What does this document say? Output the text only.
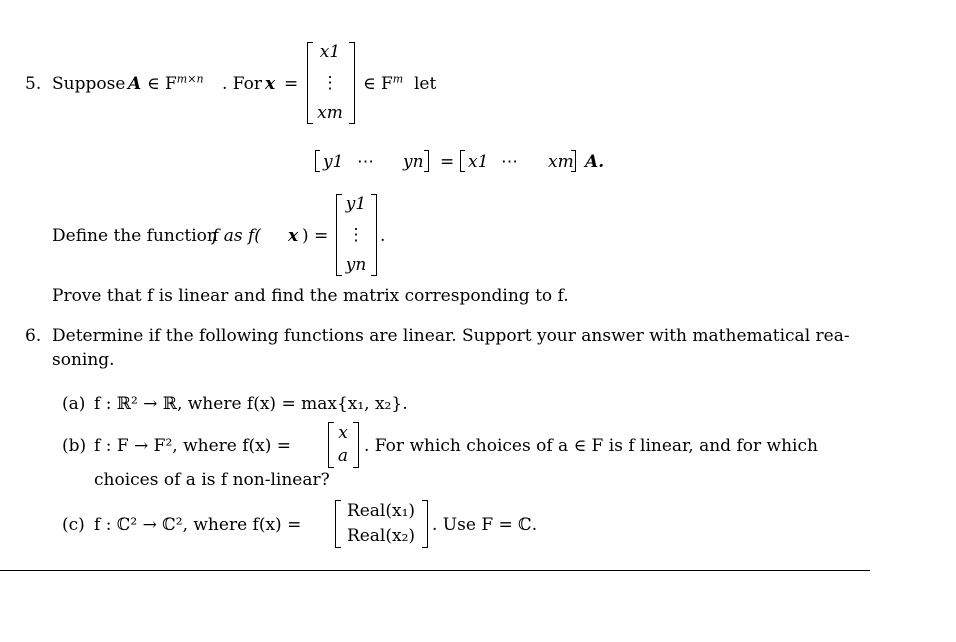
5. Suppose A ∈ $F^{m\times n}$ . For x =
x1
⋮
xm
∈ $F^m$ let
y1 ⋯ yn = x1 ⋯ xm A.
Define the function
f as f( x ) =
y1
⋮
yn
.
Prove that f is linear and find the matrix corresponding to f.
6. Determine if the following functions are linear. Support your answer with mathematical rea-
soning.
(a) f : ℝ² → ℝ, where f(x) = max{x₁, x₂}.
(b) f : F → F², where f(x) =
x
a . For which choices of a ∈ F is f linear, and for which
choices of a is f non-linear?
(c) f : ℂ² → ℂ², where f(x) =
Real(x₁)
Real(x₂)
. Use F = ℂ.
